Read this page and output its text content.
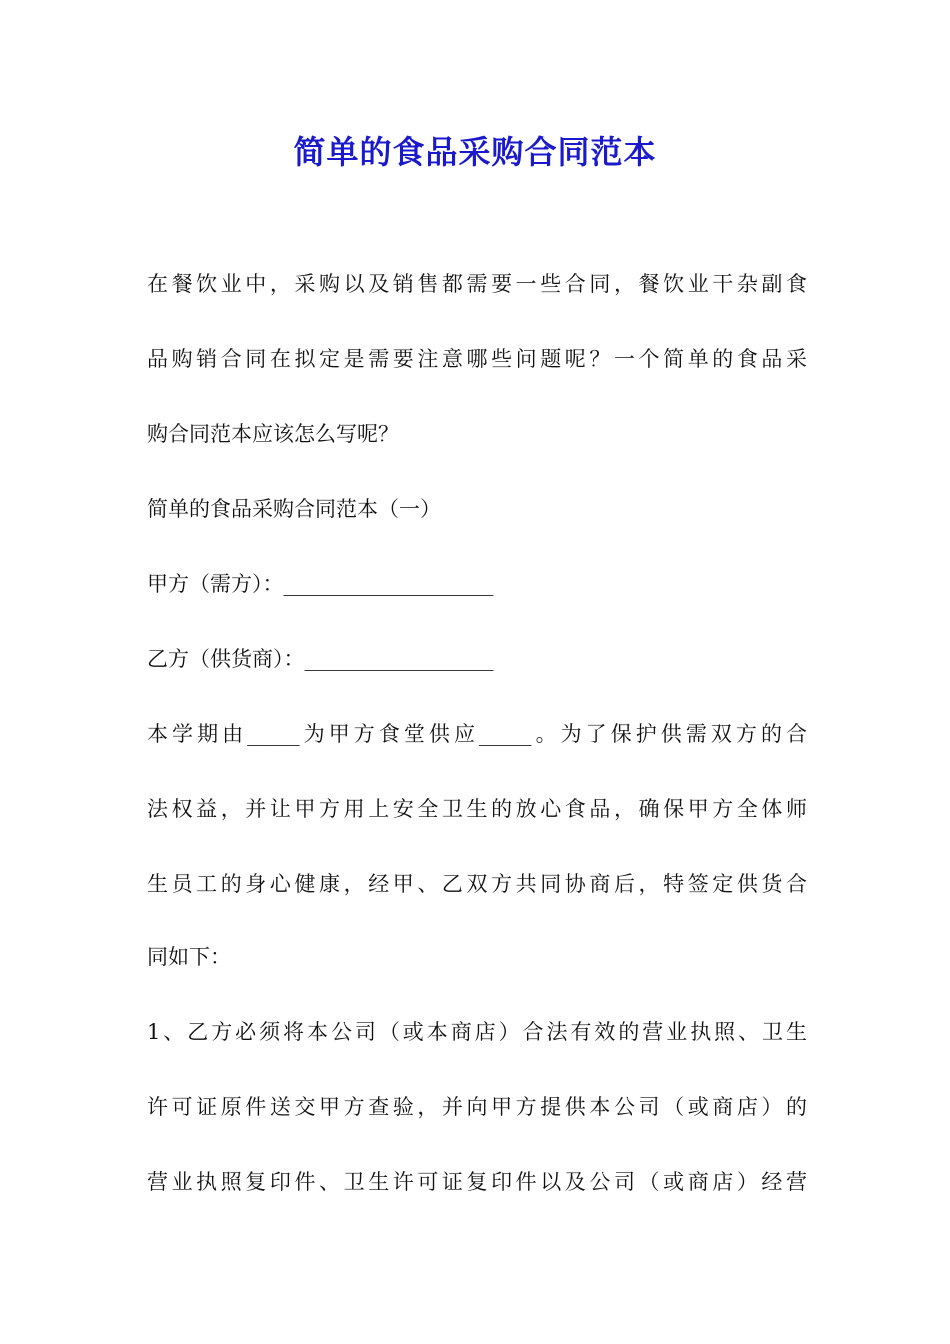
简单的食品采购合同范本
在餐饮业中，采购以及销售都需要一些合同，餐饮业干杂副食
品购销合同在拟定是需要注意哪些问题呢？一个简单的食品采
购合同范本应该怎么写呢？
简单的食品采购合同范本（一）
甲方（需方）：____________________
乙方（供货商）：__________________
本学期由_____为甲方食堂供应_____。为了保护供需双方的合
法权益，并让甲方用上安全卫生的放心食品，确保甲方全体师
生员工的身心健康，经甲、乙双方共同协商后，特签定供货合
同如下：
1、乙方必须将本公司（或本商店）合法有效的营业执照、卫生
许可证原件送交甲方查验，并向甲方提供本公司（或商店）的
营业执照复印件、卫生许可证复印件以及公司（或商店）经营
